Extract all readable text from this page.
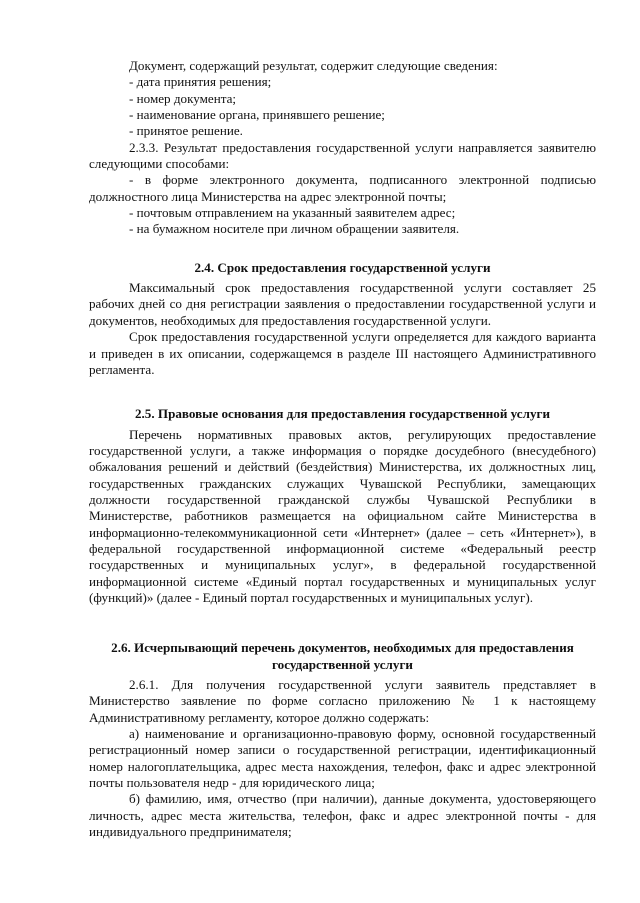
Документ, содержащий результат, содержит следующие сведения:

- дата принятия решения;

- номер документа;

- наименование органа, принявшего решение;

- принятое решение.

2.3.3. Результат предоставления государственной услуги направляется заявителю следующими способами:

- в форме электронного документа, подписанного электронной подписью должностного лица Министерства на адрес электронной почты;

- почтовым отправлением на указанный заявителем адрес;

- на бумажном носителе при личном обращении заявителя.

2.4. Срок предоставления государственной услуги

Максимальный срок предоставления государственной услуги составляет 25 рабочих дней со дня регистрации заявления о предоставлении государственной услуги и документов, необходимых для предоставления государственной услуги.

Срок предоставления государственной услуги определяется для каждого варианта и приведен в их описании, содержащемся в разделе III настоящего Административного регламента.

2.5. Правовые основания для предоставления государственной услуги

Перечень нормативных правовых актов, регулирующих предоставление государственной услуги, а также информация о порядке досудебного (внесудебного) обжалования решений и действий (бездействия) Министерства, их должностных лиц, государственных гражданских служащих Чувашской Республики, замещающих должности государственной гражданской службы Чувашской Республики в Министерстве, работников размещается на официальном сайте Министерства в информационно-телекоммуникационной сети «Интернет» (далее – сеть «Интернет»), в федеральной государственной информационной системе «Федеральный реестр государственных и муниципальных услуг», в федеральной государственной информационной системе «Единый портал государственных и муниципальных услуг (функций)» (далее - Единый портал государственных и муниципальных услуг).

2.6. Исчерпывающий перечень документов, необходимых для предоставления
государственной услуги

2.6.1. Для получения государственной услуги заявитель представляет в Министерство заявление по форме согласно приложению № 1 к настоящему Административному регламенту, которое должно содержать:

а) наименование и организационно-правовую форму, основной государственный регистрационный номер записи о государственной регистрации, идентификационный номер налогоплательщика, адрес места нахождения, телефон, факс и адрес электронной почты пользователя недр - для юридического лица;

б) фамилию, имя, отчество (при наличии), данные документа, удостоверяющего личность, адрес места жительства, телефон, факс и адрес электронной почты - для индивидуального предпринимателя;
